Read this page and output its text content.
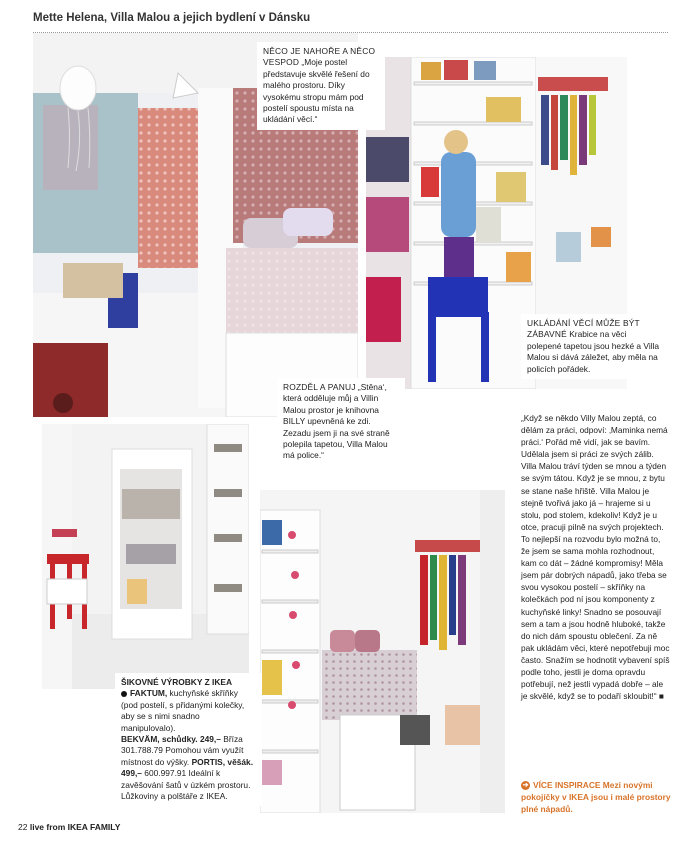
Mette Helena, Villa Malou a jejich bydlení v Dánsku
NĚCO JE NAHOŘE A NĚCO VESPOD „Moje postel představuje skvělé řešení do malého prostoru. Díky vysokému stropu mám pod postelí spoustu místa na ukládání věcí.“
UKLÁDÁNÍ VĚCÍ MŮŽE BÝT ZÁBAVNÉ Krabice na věci polepené tapetou jsou hezké a Villa Malou si dává záležet, aby měla na policích pořádek.
ROZDĚL A PANUJ „Stěna‘, která odděluje můj a Villin Malou prostor je knihovna BILLY upevněná ke zdi. Zezadu jsem ji na své straně polepila tapetou, Villa Malou má police.“
ŠIKOVNÉ VÝROBKY Z IKEA
FAKTUM, kuchyňské skříňky (pod postelí, s přidanými kolečky, aby se s nimi snadno manipulovalo).
BEKVÄM, schůdky. 249,– Bříza 301.788.79 Pomohou vám využít místnost do výšky. PORTIS, věšák. 499,– 600.997.91 Ideální k zavěšování šatů v úzkém prostoru. Lůžkoviny a polštáře z IKEA.

„Když se někdo Villy Malou zeptá, co dělám za práci, odpoví: ‚Maminka nemá práci.‘ Pořád mě vidí, jak se bavím. Udělala jsem si práci ze svých zálib. Villa Malou tráví týden se mnou a týden se svým tátou. Když je se mnou, z bytu se stane naše hřiště. Villa Malou je stejně tvořivá jako já – hrajeme si u stolu, pod stolem, kdekoliv! Když je u otce, pracuji pilně na svých projektech. To nejlepší na rozvodu bylo možná to, že jsem se sama mohla rozhodnout, kam co dát – žádné kompromisy! Měla jsem pár dobrých nápadů, jako třeba se svou vysokou postelí – skříňky na kolečkách pod ní jsou komponenty z kuchyňské linky! Snadno se posouvají sem a tam a jsou hodně hluboké, takže do nich dám spoustu oblečení. Za ně pak ukládám věci, které nepotřebuji moc často. Snažím se hodnotit vybavení spíš podle toho, jestli je doma opravdu potřebují, než jestli vypadá dobře – ale je skvělé, když se to podaří skloubit!“ ■

➔ VÍCE INSPIRACE Mezi novými pokojíčky v IKEA jsou i malé prostory plné nápadů.
22 live from IKEA FAMILY
